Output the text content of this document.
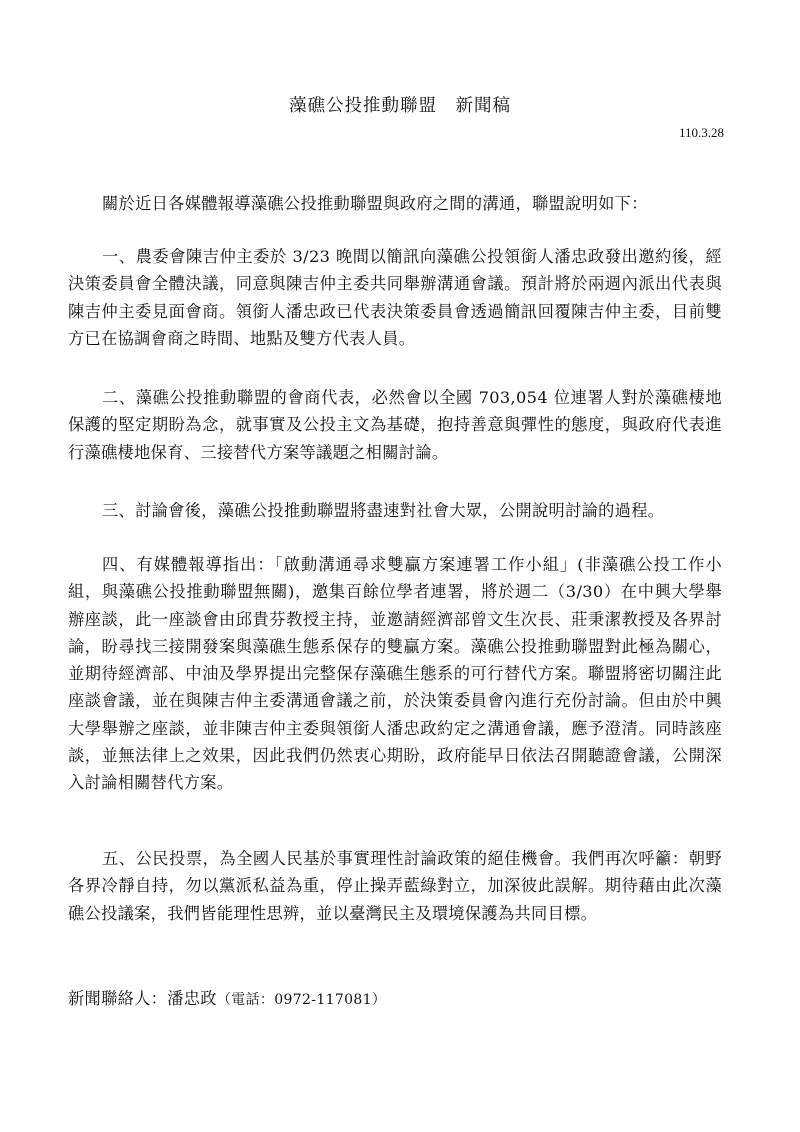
藻礁公投推動聯盟　新聞稿
110.3.28

關於近日各媒體報導藻礁公投推動聯盟與政府之間的溝通，聯盟說明如下：

一、農委會陳吉仲主委於 3/23 晚間以簡訊向藻礁公投領銜人潘忠政發出邀約後，經決策委員會全體決議，同意與陳吉仲主委共同舉辦溝通會議。預計將於兩週內派出代表與陳吉仲主委見面會商。領銜人潘忠政已代表決策委員會透過簡訊回覆陳吉仲主委，目前雙方已在協調會商之時間、地點及雙方代表人員。

二、藻礁公投推動聯盟的會商代表，必然會以全國 703,054 位連署人對於藻礁棲地保護的堅定期盼為念，就事實及公投主文為基礎，抱持善意與彈性的態度，與政府代表進行藻礁棲地保育、三接替代方案等議題之相關討論。

三、討論會後，藻礁公投推動聯盟將盡速對社會大眾，公開說明討論的過程。

四、有媒體報導指出：「啟動溝通尋求雙贏方案連署工作小組」(非藻礁公投工作小組，與藻礁公投推動聯盟無關)，邀集百餘位學者連署，將於週二（3/30）在中興大學舉辦座談，此一座談會由邱貴芬教授主持，並邀請經濟部曾文生次長、莊秉潔教授及各界討論，盼尋找三接開發案與藻礁生態系保存的雙贏方案。藻礁公投推動聯盟對此極為關心，並期待經濟部、中油及學界提出完整保存藻礁生態系的可行替代方案。聯盟將密切關注此座談會議，並在與陳吉仲主委溝通會議之前，於決策委員會內進行充份討論。但由於中興大學舉辦之座談，並非陳吉仲主委與領銜人潘忠政約定之溝通會議，應予澄清。同時該座談，並無法律上之效果，因此我們仍然衷心期盼，政府能早日依法召開聽證會議，公開深入討論相關替代方案。

五、公民投票，為全國人民基於事實理性討論政策的絕佳機會。我們再次呼籲：朝野各界冷靜自持，勿以黨派私益為重，停止操弄藍綠對立，加深彼此誤解。期待藉由此次藻礁公投議案，我們皆能理性思辨，並以臺灣民主及環境保護為共同目標。

新聞聯絡人：潘忠政（電話：0972-117081）
